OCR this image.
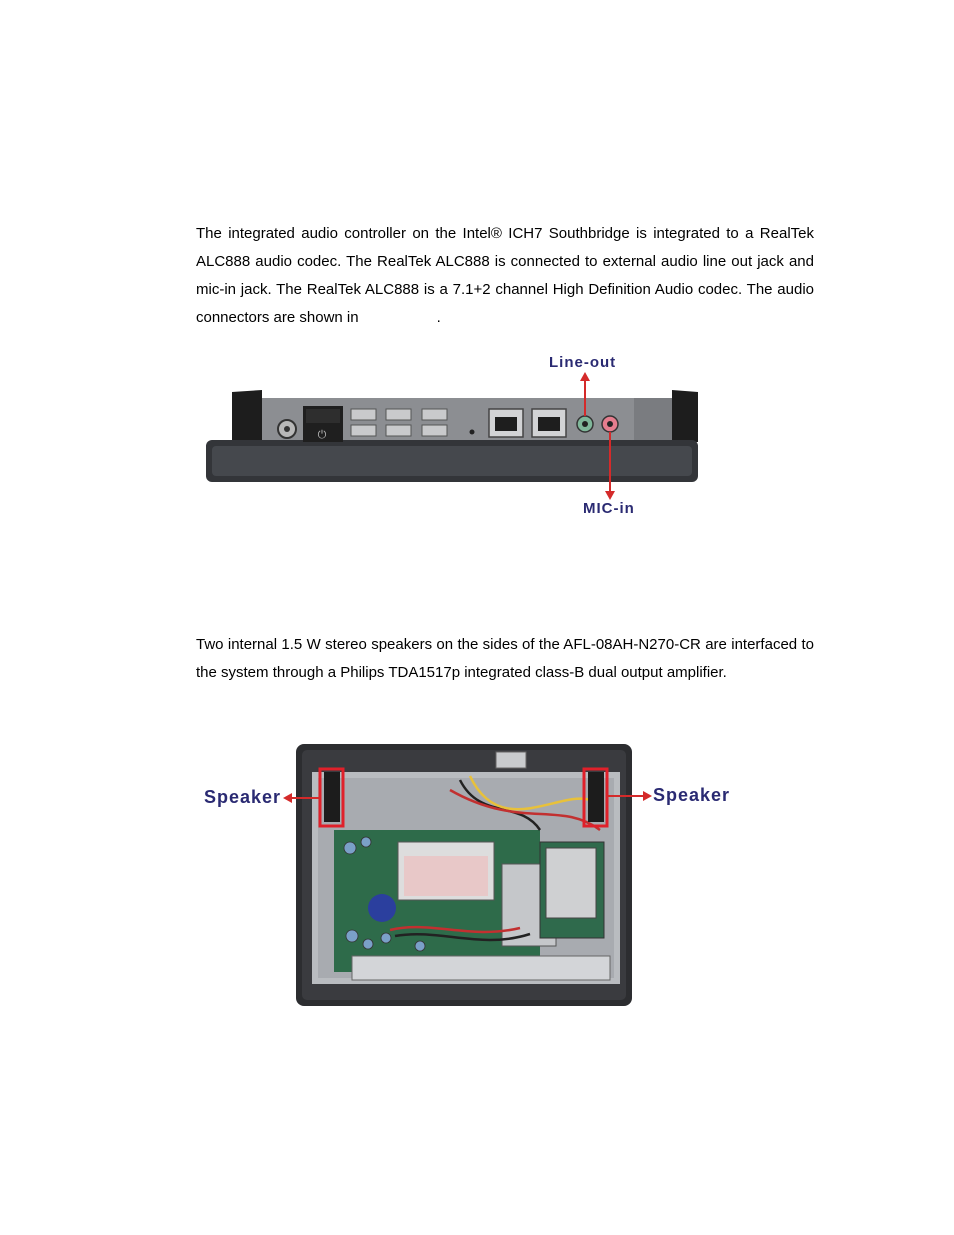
The integrated audio controller on the Intel® ICH7 Southbridge is integrated to a RealTek ALC888 audio codec. The RealTek ALC888 is connected to external audio line out jack and mic-in jack. The RealTek ALC888 is a 7.1+2 channel High Definition Audio codec. The audio connectors are shown in	.

⏻
Line-out
MIC-in

Two internal 1.5 W stereo speakers on the sides of the AFL-08AH-N270-CR are interfaced to the system through a Philips TDA1517p integrated class-B dual output amplifier.

Speaker	Speaker
